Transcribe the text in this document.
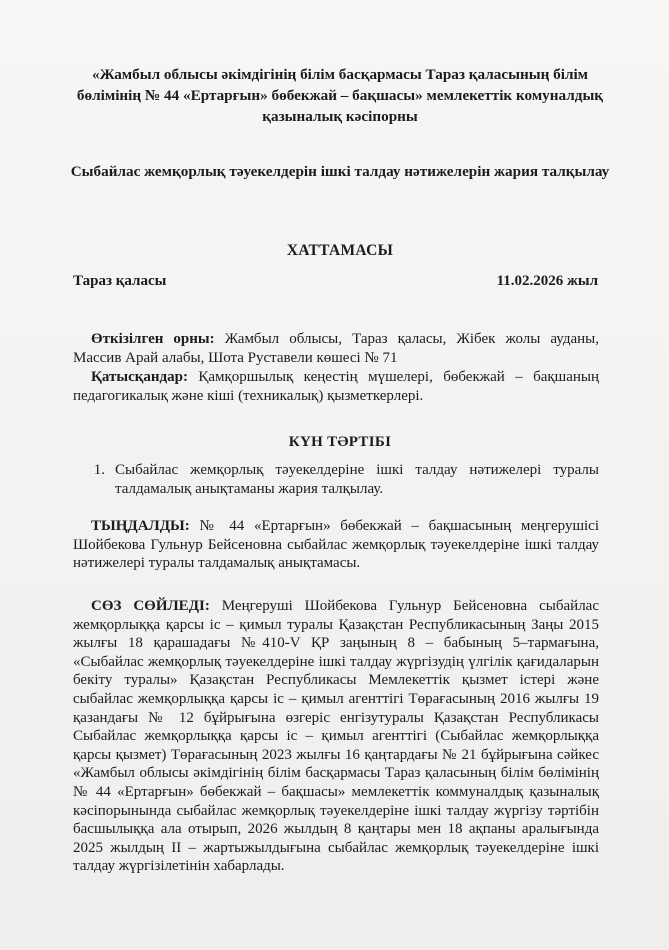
«Жамбыл облысы әкімдігінің білім басқармасы Тараз қаласының білім бөлімінің № 44 «Ертарғын» бөбекжай – бақшасы» мемлекеттік комуналдық қазыналық кәсіпорны
Сыбайлас жемқорлық тәуекелдерін ішкі талдау нәтижелерін жария талқылау
ХАТТАМАСЫ
Тараз қаласы	11.02.2026 жыл

Өткізілген орны: Жамбыл облысы, Тараз қаласы, Жібек жолы ауданы, Массив Арай алабы, Шота Руставели көшесі № 71

Қатысқандар: Қамқоршылық кеңестің мүшелері, бөбекжай – бақшаның педагогикалық және кіші (техникалық) қызметкерлері.

КҮН ТӘРТІБІ
1. Сыбайлас жемқорлық тәуекелдеріне ішкі талдау нәтижелері туралы талдамалық анықтаманы жария талқылау.

ТЫҢДАЛДЫ: № 44 «Ертарғын» бөбекжай – бақшасының меңгерушісі Шойбекова Гульнур Бейсеновна сыбайлас жемқорлық тәуекелдеріне ішкі талдау нәтижелері туралы талдамалық анықтамасы.

СӨЗ СӨЙЛЕДІ: Меңгеруші Шойбекова Гульнур Бейсеновна сыбайлас жемқорлыққа қарсы іс – қимыл туралы Қазақстан Республикасының Заңы 2015 жылғы 18 қарашадағы №410-V ҚР заңының 8 – бабының 5–тармағына, «Сыбайлас жемқорлық тәуекелдеріне ішкі талдау жүргізудің үлгілік қағидаларын бекіту туралы» Қазақстан Республикасы Мемлекеттік қызмет істері және сыбайлас жемқорлыққа қарсы іс – қимыл агенттігі Төрағасының 2016 жылғы 19 қазандағы № 12 бұйрығына өзгеріс енгізутуралы Қазақстан Республикасы Сыбайлас жемқорлыққа қарсы іс – қимыл агенттігі (Сыбайлас жемқорлыққа қарсы қызмет) Төрағасының 2023 жылғы 16 қаңтардағы № 21 бұйрығына сәйкес «Жамбыл облысы әкімдігінің білім басқармасы Тараз қаласының білім бөлімінің № 44 «Ертарғын» бөбекжай – бақшасы» мемлекеттік коммуналдық қазыналық кәсіпорынында сыбайлас жемқорлық тәуекелдеріне ішкі талдау жүргізу тәртібін басшылыққа ала отырып, 2026 жылдың 8 қаңтары мен 18 ақпаны аралығында 2025 жылдың II – жартыжылдығына сыбайлас жемқорлық тәуекелдеріне ішкі талдау жүргізілетінін хабарлады.
